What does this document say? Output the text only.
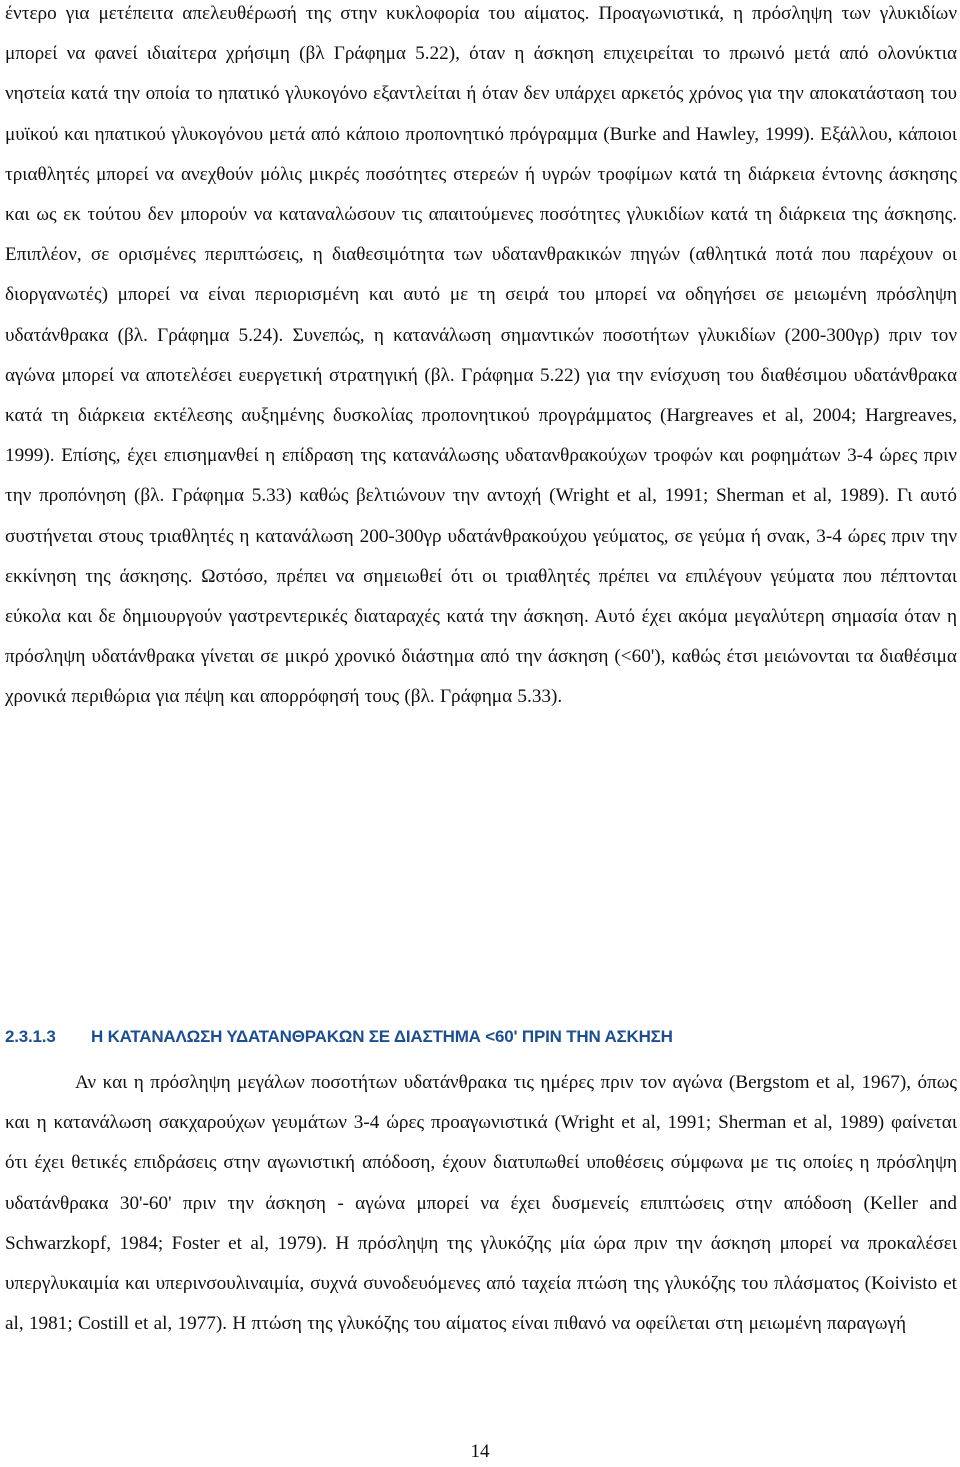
έντερο για μετέπειτα απελευθέρωσή της στην κυκλοφορία του αίματος. Προαγωνιστικά, η πρόσληψη των γλυκιδίων μπορεί να φανεί ιδιαίτερα χρήσιμη (βλ Γράφημα 5.22), όταν η άσκηση επιχειρείται το πρωινό μετά από ολονύκτια νηστεία κατά την οποία το ηπατικό γλυκογόνο εξαντλείται ή όταν δεν υπάρχει αρκετός χρόνος για την αποκατάσταση του μυϊκού και ηπατικού γλυκογόνου μετά από κάποιο προπονητικό πρόγραμμα (Burke and Hawley, 1999). Εξάλλου, κάποιοι τριαθλητές μπορεί να ανεχθούν μόλις μικρές ποσότητες στερεών ή υγρών τροφίμων κατά τη διάρκεια έντονης άσκησης και ως εκ τούτου δεν μπορούν να καταναλώσουν τις απαιτούμενες ποσότητες γλυκιδίων κατά τη διάρκεια της άσκησης. Επιπλέον, σε ορισμένες περιπτώσεις, η διαθεσιμότητα των υδατανθρακικών πηγών (αθλητικά ποτά που παρέχουν οι διοργανωτές) μπορεί να είναι περιορισμένη και αυτό με τη σειρά του μπορεί να οδηγήσει σε μειωμένη πρόσληψη υδατάνθρακα (βλ. Γράφημα 5.24). Συνεπώς, η κατανάλωση σημαντικών ποσοτήτων γλυκιδίων (200-300γρ) πριν τον αγώνα μπορεί να αποτελέσει ευεργετική στρατηγική (βλ. Γράφημα 5.22) για την ενίσχυση του διαθέσιμου υδατάνθρακα κατά τη διάρκεια εκτέλεσης αυξημένης δυσκολίας προπονητικού προγράμματος (Hargreaves et al, 2004; Hargreaves, 1999). Επίσης, έχει επισημανθεί η επίδραση της κατανάλωσης υδατανθρακούχων τροφών και ροφημάτων 3-4 ώρες πριν την προπόνηση (βλ. Γράφημα 5.33) καθώς βελτιώνουν την αντοχή (Wright et al, 1991; Sherman et al, 1989). Γι αυτό συστήνεται στους τριαθλητές η κατανάλωση 200-300γρ υδατάνθρακούχου γεύματος, σε γεύμα ή σνακ, 3-4 ώρες πριν την εκκίνηση της άσκησης. Ωστόσο, πρέπει να σημειωθεί ότι οι τριαθλητές πρέπει να επιλέγουν γεύματα που πέπτονται εύκολα και δε δημιουργούν γαστρεντερικές διαταραχές κατά την άσκηση. Αυτό έχει ακόμα μεγαλύτερη σημασία όταν η πρόσληψη υδατάνθρακα γίνεται σε μικρό χρονικό διάστημα από την άσκηση (<60'), καθώς έτσι μειώνονται τα διαθέσιμα χρονικά περιθώρια για πέψη και απορρόφησή τους (βλ. Γράφημα 5.33).

2.3.1.3 Η ΚΑΤΑΝΑΛΩΣΗ ΥΔΑΤΑΝΘΡΑΚΩΝ ΣΕ ΔΙΑΣΤΗΜΑ <60' ΠΡΙΝ ΤΗΝ ΑΣΚΗΣΗ

Αν και η πρόσληψη μεγάλων ποσοτήτων υδατάνθρακα τις ημέρες πριν τον αγώνα (Bergstom et al, 1967), όπως και η κατανάλωση σακχαρούχων γευμάτων 3-4 ώρες προαγωνιστικά (Wright et al, 1991; Sherman et al, 1989) φαίνεται ότι έχει θετικές επιδράσεις στην αγωνιστική απόδοση, έχουν διατυπωθεί υποθέσεις σύμφωνα με τις οποίες η πρόσληψη υδατάνθρακα 30'-60' πριν την άσκηση - αγώνα μπορεί να έχει δυσμενείς επιπτώσεις στην απόδοση (Keller and Schwarzkopf, 1984; Foster et al, 1979). Η πρόσληψη της γλυκόζης μία ώρα πριν την άσκηση μπορεί να προκαλέσει υπεργλυκαιμία και υπερινσουλιναιμία, συχνά συνοδευόμενες από ταχεία πτώση της γλυκόζης του πλάσματος (Koivisto et al, 1981; Costill et al, 1977). Η πτώση της γλυκόζης του αίματος είναι πιθανό να οφείλεται στη μειωμένη παραγωγή

14
